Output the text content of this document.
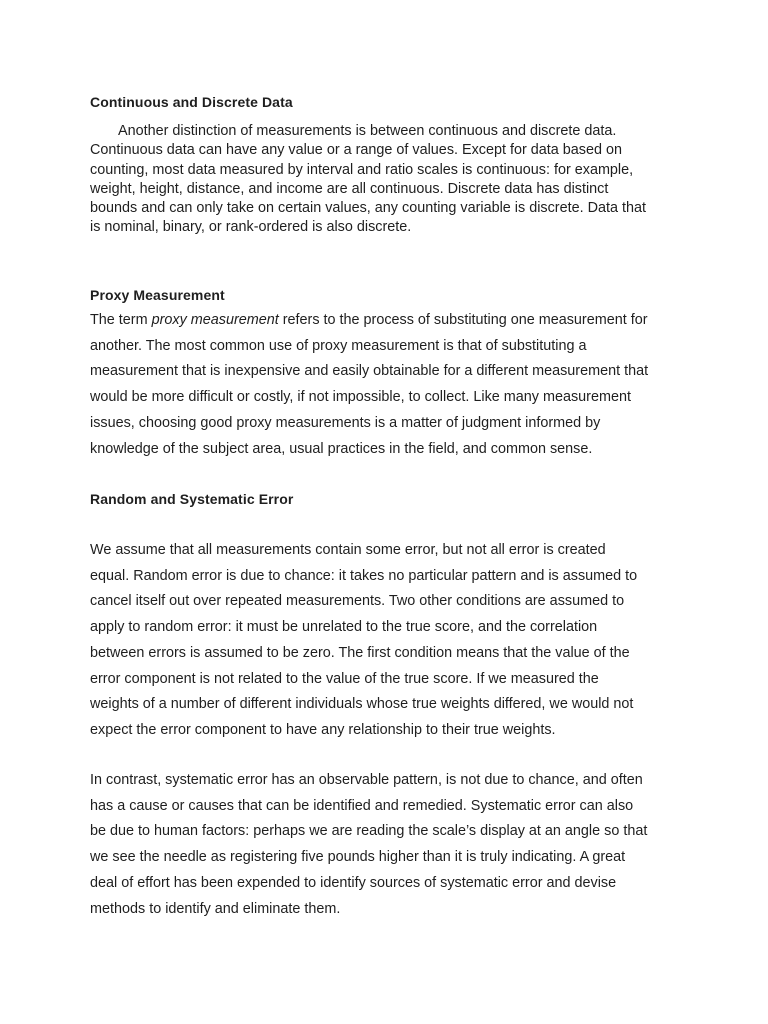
Continuous and Discrete Data
Another distinction of measurements is between continuous and discrete data.
Continuous data can have any value or a range of values. Except for data based on
counting, most data measured by interval and ratio scales is continuous: for example,
weight, height, distance, and income are all continuous. Discrete data has distinct
bounds and can only take on certain values, any counting variable is discrete. Data that
is nominal, binary, or rank-ordered is also discrete.
Proxy Measurement
The term proxy measurement refers to the process of substituting one measurement for
another. The most common use of proxy measurement is that of substituting a
measurement that is inexpensive and easily obtainable for a different measurement that
would be more difficult or costly, if not impossible, to collect. Like many measurement
issues, choosing good proxy measurements is a matter of judgment informed by
knowledge of the subject area, usual practices in the field, and common sense.
Random and Systematic Error
We assume that all measurements contain some error, but not all error is created
equal. Random error is due to chance: it takes no particular pattern and is assumed to
cancel itself out over repeated measurements. Two other conditions are assumed to
apply to random error: it must be unrelated to the true score, and the correlation
between errors is assumed to be zero. The first condition means that the value of the
error component is not related to the value of the true score. If we measured the
weights of a number of different individuals whose true weights differed, we would not
expect the error component to have any relationship to their true weights.
In contrast, systematic error has an observable pattern, is not due to chance, and often
has a cause or causes that can be identified and remedied. Systematic error can also
be due to human factors: perhaps we are reading the scale’s display at an angle so that
we see the needle as registering five pounds higher than it is truly indicating. A great
deal of effort has been expended to identify sources of systematic error and devise
methods to identify and eliminate them.
